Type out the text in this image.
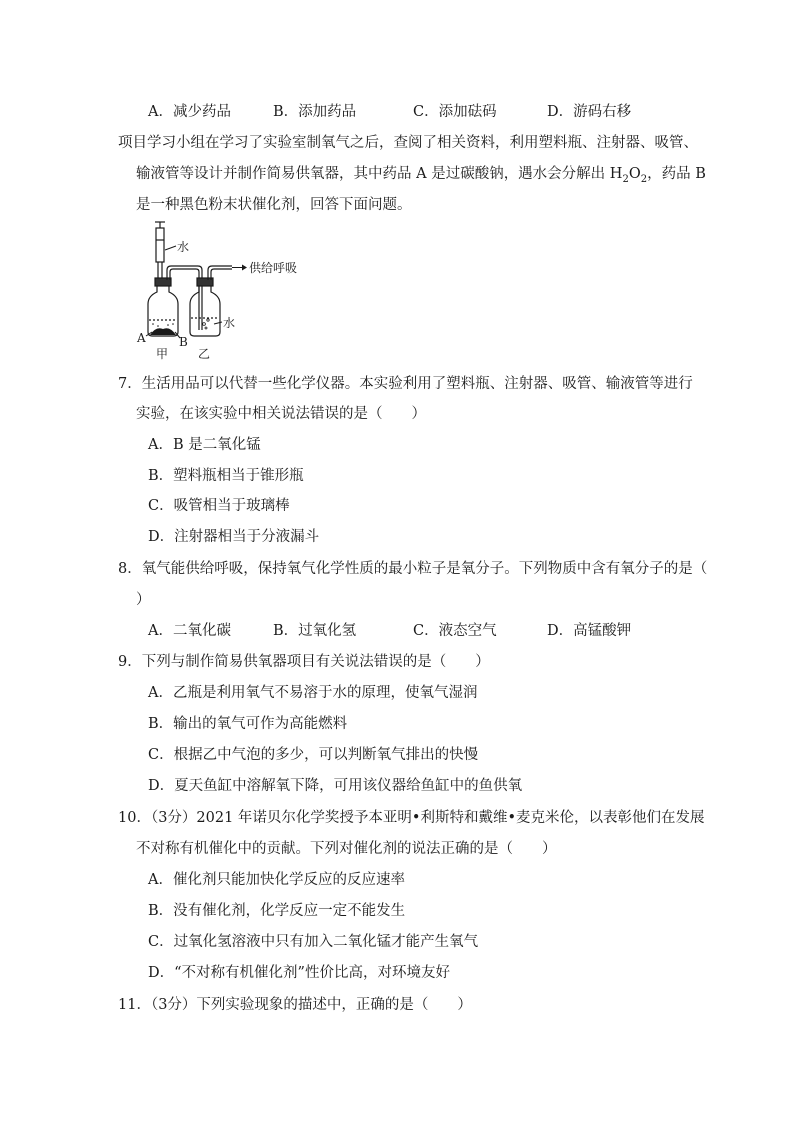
A．减少药品	B．添加药品	C．添加砝码	D．游码右移
项目学习小组在学习了实验室制氧气之后，查阅了相关资料，利用塑料瓶、注射器、吸管、
输液管等设计并制作简易供氧器，其中药品 A 是过碳酸钠，遇水会分解出 $H_2O_2$，药品 B
是一种黑色粉末状催化剂，回答下面问题。
水
供给呼吸
水
A	B
甲 乙
7．生活用品可以代替一些化学仪器。本实验利用了塑料瓶、注射器、吸管、输液管等进行
实验，在该实验中相关说法错误的是（　　）
A．B 是二氧化锰
B．塑料瓶相当于锥形瓶
C．吸管相当于玻璃棒
D．注射器相当于分液漏斗
8．氧气能供给呼吸，保持氧气化学性质的最小粒子是氧分子。下列物质中含有氧分子的是（
）
A．二氧化碳	B．过氧化氢	C．液态空气	D．高锰酸钾
9．下列与制作简易供氧器项目有关说法错误的是（　　）
A．乙瓶是利用氧气不易溶于水的原理，使氧气湿润
B．输出的氧气可作为高能燃料
C．根据乙中气泡的多少，可以判断氧气排出的快慢
D．夏天鱼缸中溶解氧下降，可用该仪器给鱼缸中的鱼供氧
10．（3分）2021 年诺贝尔化学奖授予本亚明•利斯特和戴维•麦克米伦，以表彰他们在发展
不对称有机催化中的贡献。下列对催化剂的说法正确的是（　　）
A．催化剂只能加快化学反应的反应速率
B．没有催化剂，化学反应一定不能发生
C．过氧化氢溶液中只有加入二氧化锰才能产生氧气
D．“不对称有机催化剂”性价比高，对环境友好
11．（3分）下列实验现象的描述中，正确的是（　　）
